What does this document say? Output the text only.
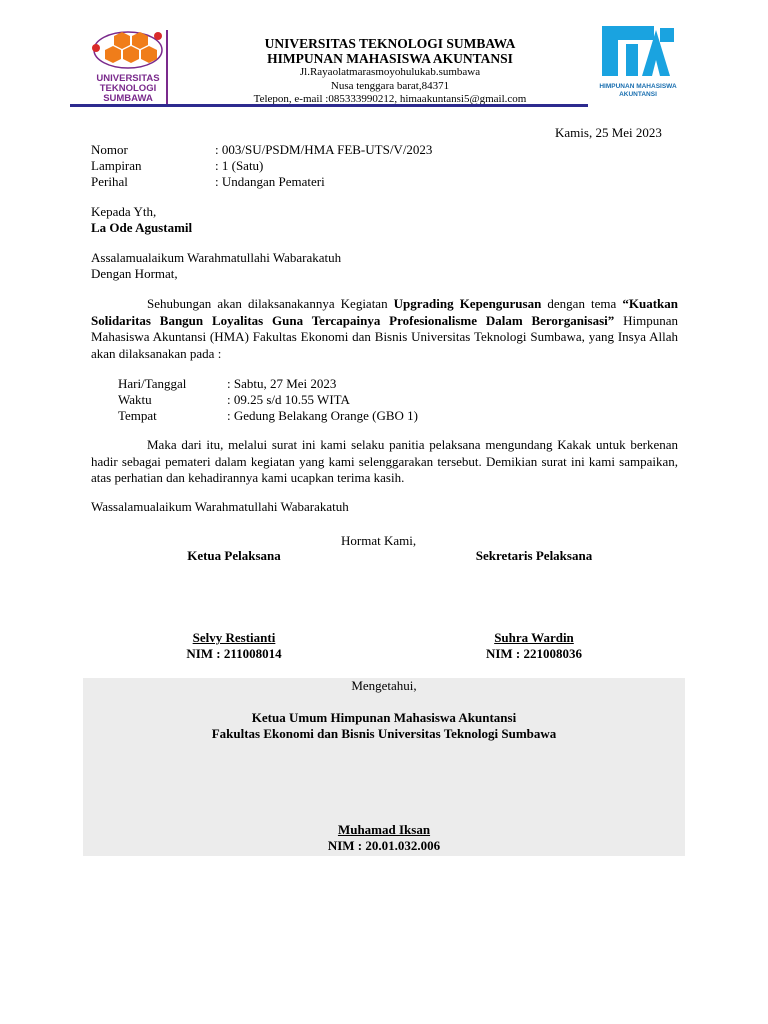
UNIVERSITAS
TEKNOLOGI
SUMBAWA
UNIVERSITAS TEKNOLOGI SUMBAWA
HIMPUNAN MAHASISWA AKUNTANSI
Jl.Rayaolatmarasmoyohulukab.sumbawa
Nusa tenggara barat,84371
Telepon, e-mail :085333990212, himaakuntansi5@gmail.com
HIMPUNAN MAHASISWA
AKUNTANSI
Kamis, 25 Mei 2023
Nomor	: 003/SU/PSDM/HMA FEB-UTS/V/2023
Lampiran	: 1 (Satu)
Perihal	: Undangan Pemateri
Kepada Yth,
La Ode Agustamil
Assalamualaikum Warahmatullahi Wabarakatuh
Dengan Hormat,
Sehubungan akan dilaksanakannya Kegiatan Upgrading Kepengurusan dengan tema “Kuatkan Solidaritas Bangun Loyalitas Guna Tercapainya Profesionalisme Dalam Berorganisasi” Himpunan Mahasiswa Akuntansi (HMA) Fakultas Ekonomi dan Bisnis Universitas Teknologi Sumbawa, yang Insya Allah akan dilaksanakan pada :
Hari/Tanggal	: Sabtu, 27 Mei 2023
Waktu	: 09.25 s/d 10.55 WITA
Tempat	: Gedung Belakang Orange (GBO 1)
Maka dari itu, melalui surat ini kami selaku panitia pelaksana mengundang Kakak untuk berkenan hadir sebagai pemateri dalam kegiatan yang kami selenggarakan tersebut. Demikian surat ini kami sampaikan, atas perhatian dan kehadirannya kami ucapkan terima kasih.
Wassalamualaikum Warahmatullahi Wabarakatuh
Hormat Kami,
Ketua Pelaksana	Sekretaris Pelaksana
Selvy Restianti
NIM : 211008014
Suhra Wardin
NIM : 221008036
Mengetahui,
Ketua Umum Himpunan Mahasiswa Akuntansi
Fakultas Ekonomi dan Bisnis Universitas Teknologi Sumbawa
Muhamad Iksan
NIM : 20.01.032.006
